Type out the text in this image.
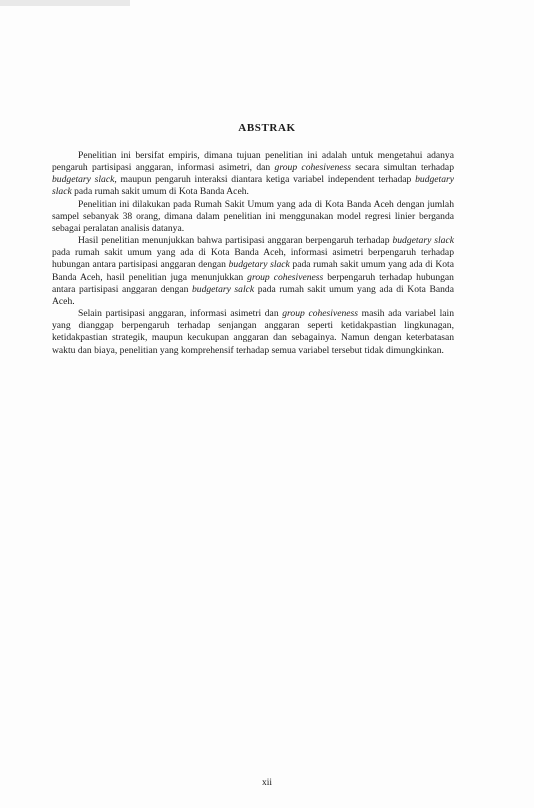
ABSTRAK

Penelitian ini bersifat empiris, dimana tujuan penelitian ini adalah untuk mengetahui adanya pengaruh partisipasi anggaran, informasi asimetri, dan group cohesiveness secara simultan terhadap budgetary slack, maupun pengaruh interaksi diantara ketiga variabel independent terhadap budgetary slack pada rumah sakit umum di Kota Banda Aceh.

Penelitian ini dilakukan pada Rumah Sakit Umum yang ada di Kota Banda Aceh dengan jumlah sampel sebanyak 38 orang, dimana dalam penelitian ini menggunakan model regresi linier berganda sebagai peralatan analisis datanya.

Hasil penelitian menunjukkan bahwa partisipasi anggaran berpengaruh terhadap budgetary slack pada rumah sakit umum yang ada di Kota Banda Aceh, informasi asimetri berpengaruh terhadap hubungan antara partisipasi anggaran dengan budgetary slack pada rumah sakit umum yang ada di Kota Banda Aceh, hasil penelitian juga menunjukkan group cohesiveness berpengaruh terhadap hubungan antara partisipasi anggaran dengan budgetary salck pada rumah sakit umum yang ada di Kota Banda Aceh.

Selain partisipasi anggaran, informasi asimetri dan group cohesiveness masih ada variabel lain yang dianggap berpengaruh terhadap senjangan anggaran seperti ketidakpastian lingkunagan, ketidakpastian strategik, maupun kecukupan anggaran dan sebagainya. Namun dengan keterbatasan waktu dan biaya, penelitian yang komprehensif terhadap semua variabel tersebut tidak dimungkinkan.

xii
